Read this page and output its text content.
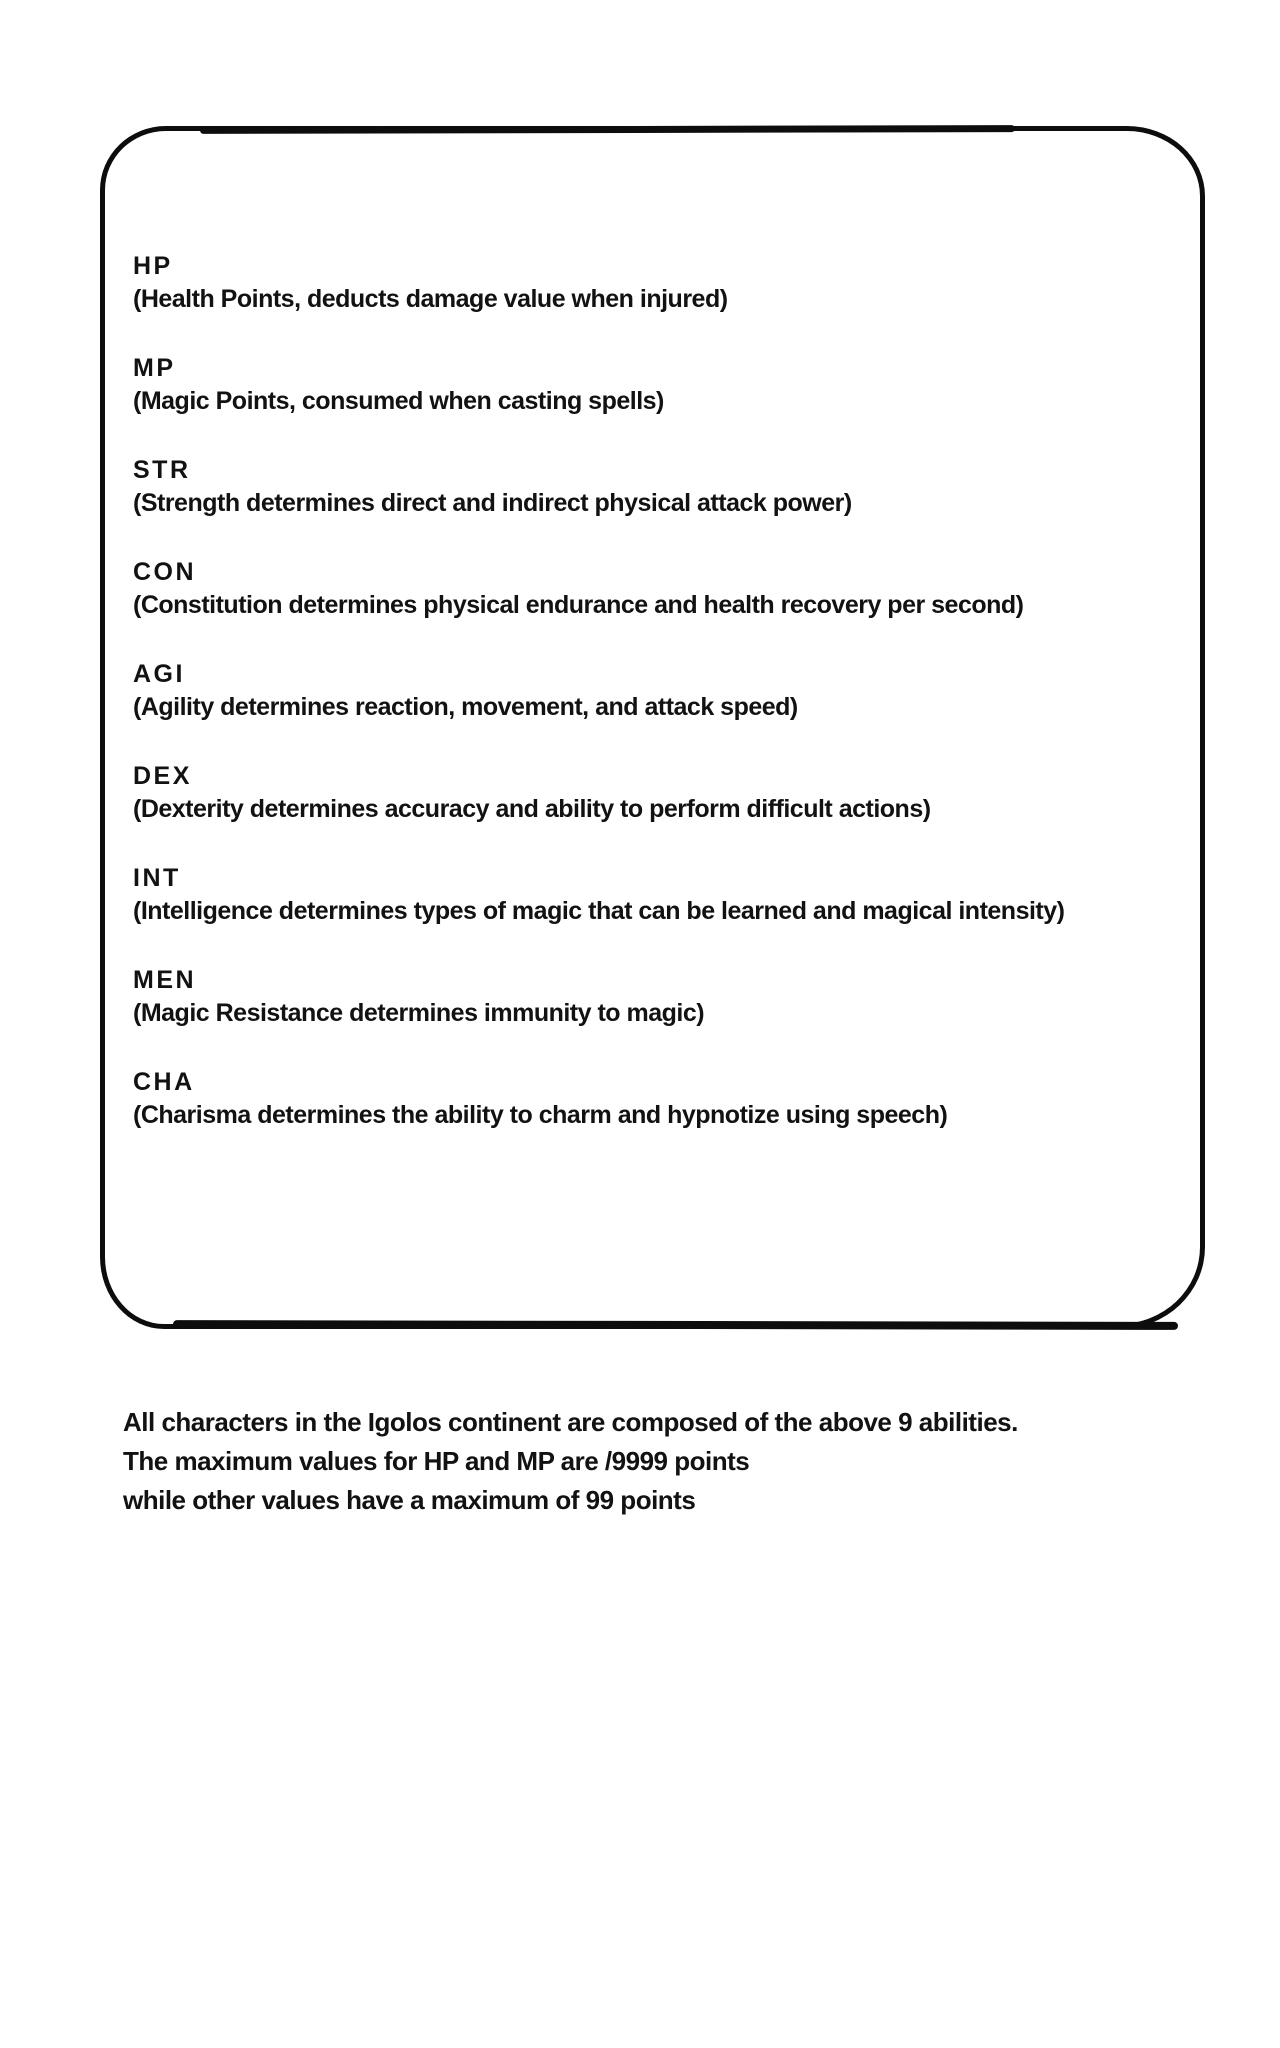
HP
(Health Points, deducts damage value when injured)
MP
(Magic Points, consumed when casting spells)
STR
(Strength determines direct and indirect physical attack power)
CON
(Constitution determines physical endurance and health recovery per second)
AGI
(Agility determines reaction, movement, and attack speed)
DEX
(Dexterity determines accuracy and ability to perform difficult actions)
INT
(Intelligence determines types of magic that can be learned and magical intensity)
MEN
(Magic Resistance determines immunity to magic)
CHA
(Charisma determines the ability to charm and hypnotize using speech)
All characters in the Igolos continent are composed of the above 9 abilities.
The maximum values for HP and MP are /9999 points
while other values have a maximum of 99 points
